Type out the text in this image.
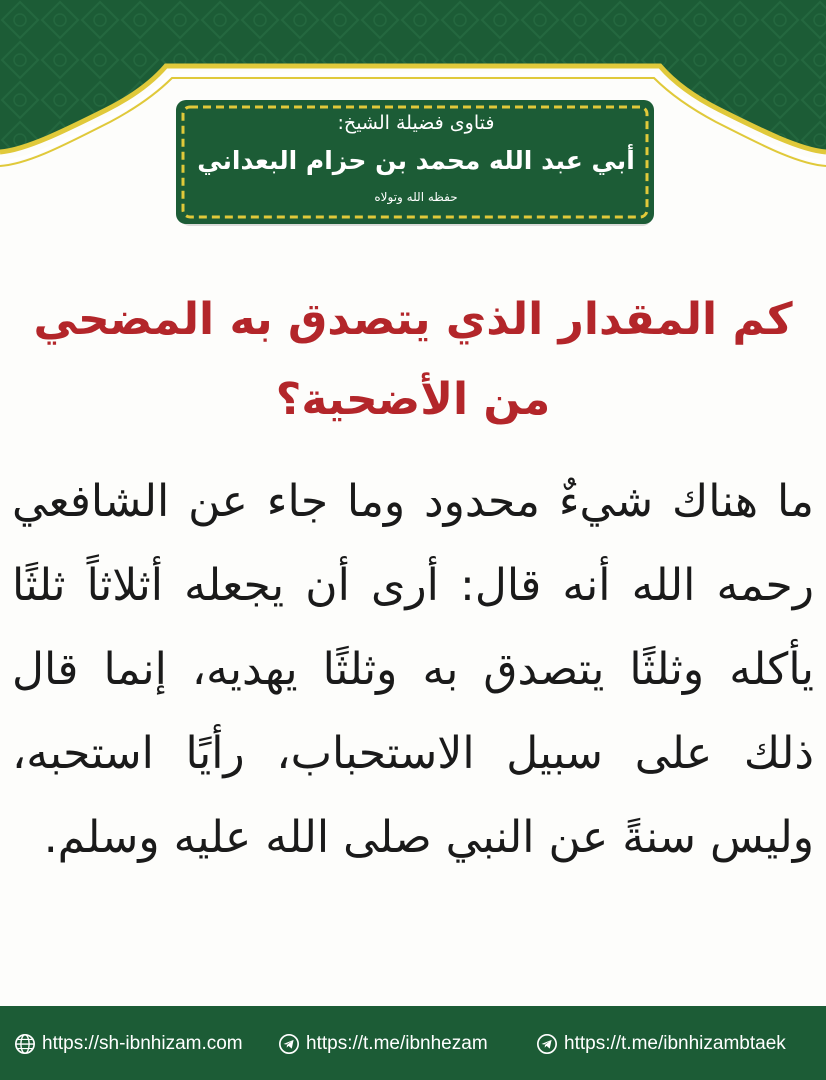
فتاوى فضيلة الشيخ:
أبي عبد الله محمد بن حزام البعداني
حفظه الله وتولاه
كم المقدار الذي يتصدق به المضحي من الأضحية؟
ما هناك شيءٌ محدود وما جاء عن الشافعي رحمه الله أنه قال: أرى أن يجعله أثلاثاً ثلثًا يأكله وثلثًا يتصدق به وثلثًا يهديه، إنما قال ذلك على سبيل الاستحباب، رأيًا استحبه، وليس سنةً عن النبي صلى الله عليه وسلم.
https://sh-ibnhizam.com	https://t.me/ibnhezam	https://t.me/ibnhizambtaek
